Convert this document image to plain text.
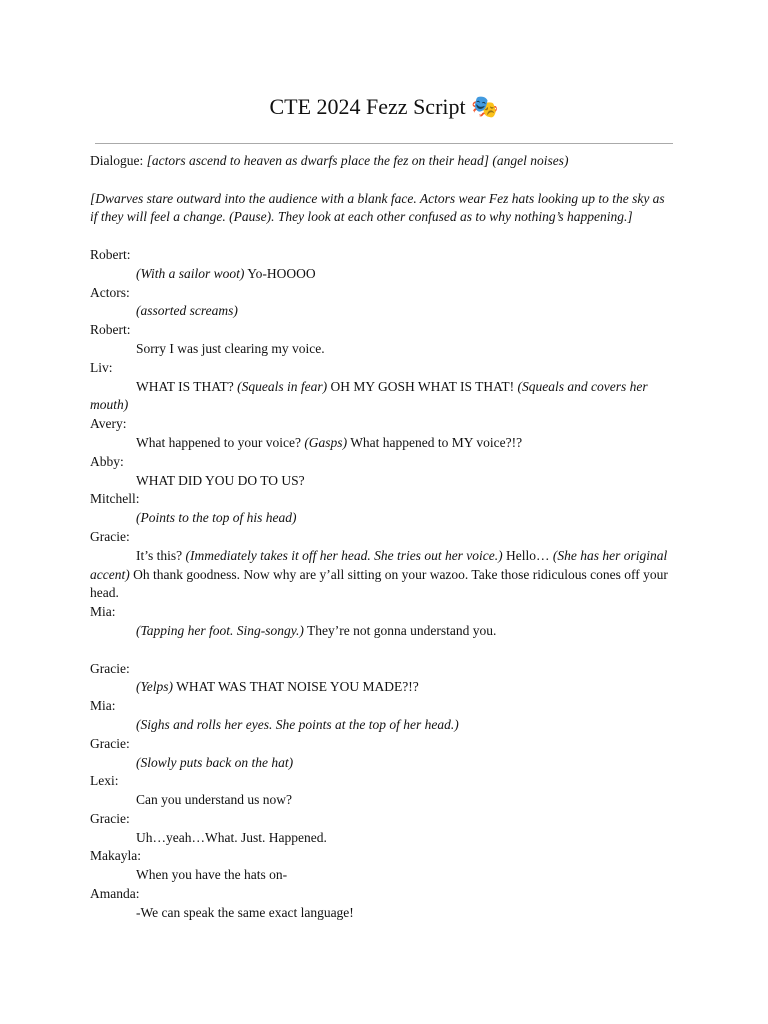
CTE 2024 Fezz Script 🎭

Dialogue: [actors ascend to heaven as dwarfs place the fez on their head] (angel noises)

[Dwarves stare outward into the audience with a blank face. Actors wear Fez hats looking up to the sky as if they will feel a change. (Pause). They look at each other confused as to why nothing’s happening.]

Robert:

(With a sailor woot) Yo-HOOOO

Actors:

(assorted screams)

Robert:

Sorry I was just clearing my voice.

Liv:

WHAT IS THAT? (Squeals in fear) OH MY GOSH WHAT IS THAT! (Squeals and covers her mouth)

Avery:

What happened to your voice? (Gasps) What happened to MY voice?!?

Abby:

WHAT DID YOU DO TO US?

Mitchell:

(Points to the top of his head)

Gracie:

It’s this? (Immediately takes it off her head. She tries out her voice.) Hello… (She has her original accent) Oh thank goodness. Now why are y’all sitting on your wazoo. Take those ridiculous cones off your head.

Mia:

(Tapping her foot. Sing-songy.) They’re not gonna understand you.

Gracie:

(Yelps) WHAT WAS THAT NOISE YOU MADE?!?

Mia:

(Sighs and rolls her eyes. She points at the top of her head.)

Gracie:

(Slowly puts back on the hat)

Lexi:

Can you understand us now?

Gracie:

Uh…yeah…What. Just. Happened.

Makayla:

When you have the hats on-

Amanda:

-We can speak the same exact language!
